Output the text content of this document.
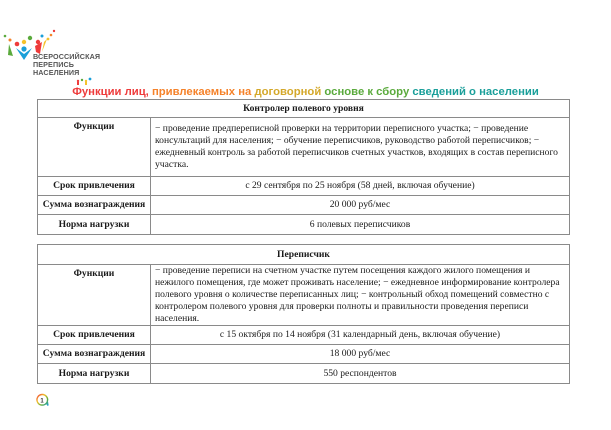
ВСЕРОССИЙСКАЯ
ПЕРЕПИСЬ
НАСЕЛЕНИЯ
Функции лиц, привлекаемых на договорной основе к сбору сведений о населении
Контролер полевого уровня	
Функции	− проведение предпереписной проверки на территории переписного участка; − проведение консультаций для населения; − обучение переписчиков, руководство работой переписчиков; − ежедневный контроль за работой переписчиков счетных участков, входящих в состав переписного участка.
Срок привлечения	с 29 сентября по 25 ноября (58 дней, включая обучение)
Сумма вознаграждения	20 000 руб/мес
Норма нагрузки	6 полевых переписчиков
Переписчик	
Функции	− проведение переписи на счетном участке путем посещения каждого жилого помещения и нежилого помещения, где может проживать население; − ежедневное информирование контролера полевого уровня о количестве переписанных лиц; − контрольный обход помещений совместно с контролером полевого уровня для проверки полноты и правильности проведения переписи населения.
Срок привлечения	с 15 октября по 14 ноября (31 календарный день, включая обучение)
Сумма вознаграждения	18 000 руб/мес
Норма нагрузки	550 респондентов
1
